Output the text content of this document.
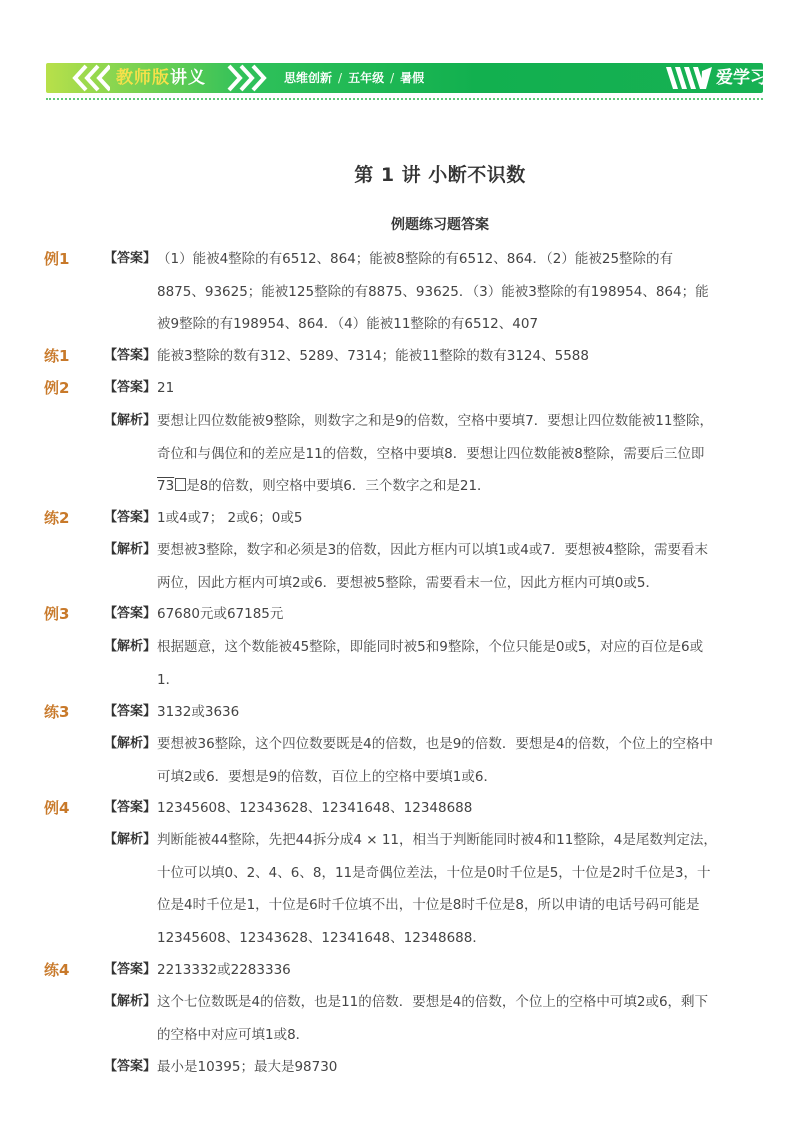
教师版讲义	思维创新 / 五年级 / 暑假	爱学习
第 1 讲 小断不识数
例题练习题答案
例1	【答案】 （1）能被4整除的有6512、864；能被8整除的有6512、864．（2）能被25整除的有8875、93625；能被125整除的有8875、93625．（3）能被3整除的有198954、864；能被9整除的有198954、864．（4）能被11整除的有6512、407
练1	【答案】 能被3整除的数有312、5289、7314；能被11整除的数有3124、5588
例2	【答案】 21
【解析】 要想让四位数能被9整除，则数字之和是9的倍数，空格中要填7．要想让四位数能被11整除，奇位和与偶位和的差应是11的倍数，空格中要填8．要想让四位数能被8整除，需要后三位即73 是8的倍数，则空格中要填6．三个数字之和是21．
练2	【答案】 1或4或7； 2或6；0或5
【解析】 要想被3整除，数字和必须是3的倍数，因此方框内可以填1或4或7．要想被4整除，需要看末两位，因此方框内可填2或6．要想被5整除，需要看末一位，因此方框内可填0或5．
例3	【答案】 67680元或67185元
【解析】 根据题意，这个数能被45整除，即能同时被5和9整除，个位只能是0或5，对应的百位是6或1．
练3	【答案】 3132或3636
【解析】 要想被36整除，这个四位数要既是4的倍数，也是9的倍数．要想是4的倍数，个位上的空格中可填2或6．要想是9的倍数，百位上的空格中要填1或6．
例4	【答案】 12345608、12343628、12341648、12348688
【解析】 判断能被44整除，先把44拆分成4 × 11，相当于判断能同时被4和11整除，4是尾数判定法，十位可以填0、2、4、6、8，11是奇偶位差法，十位是0时千位是5，十位是2时千位是3，十位是4时千位是1，十位是6时千位填不出，十位是8时千位是8，所以申请的电话号码可能是12345608、12343628、12341648、12348688．
练4	【答案】 2213332或2283336
【解析】 这个七位数既是4的倍数，也是11的倍数．要想是4的倍数，个位上的空格中可填2或6，剩下的空格中对应可填1或8．
【答案】 最小是10395；最大是98730
